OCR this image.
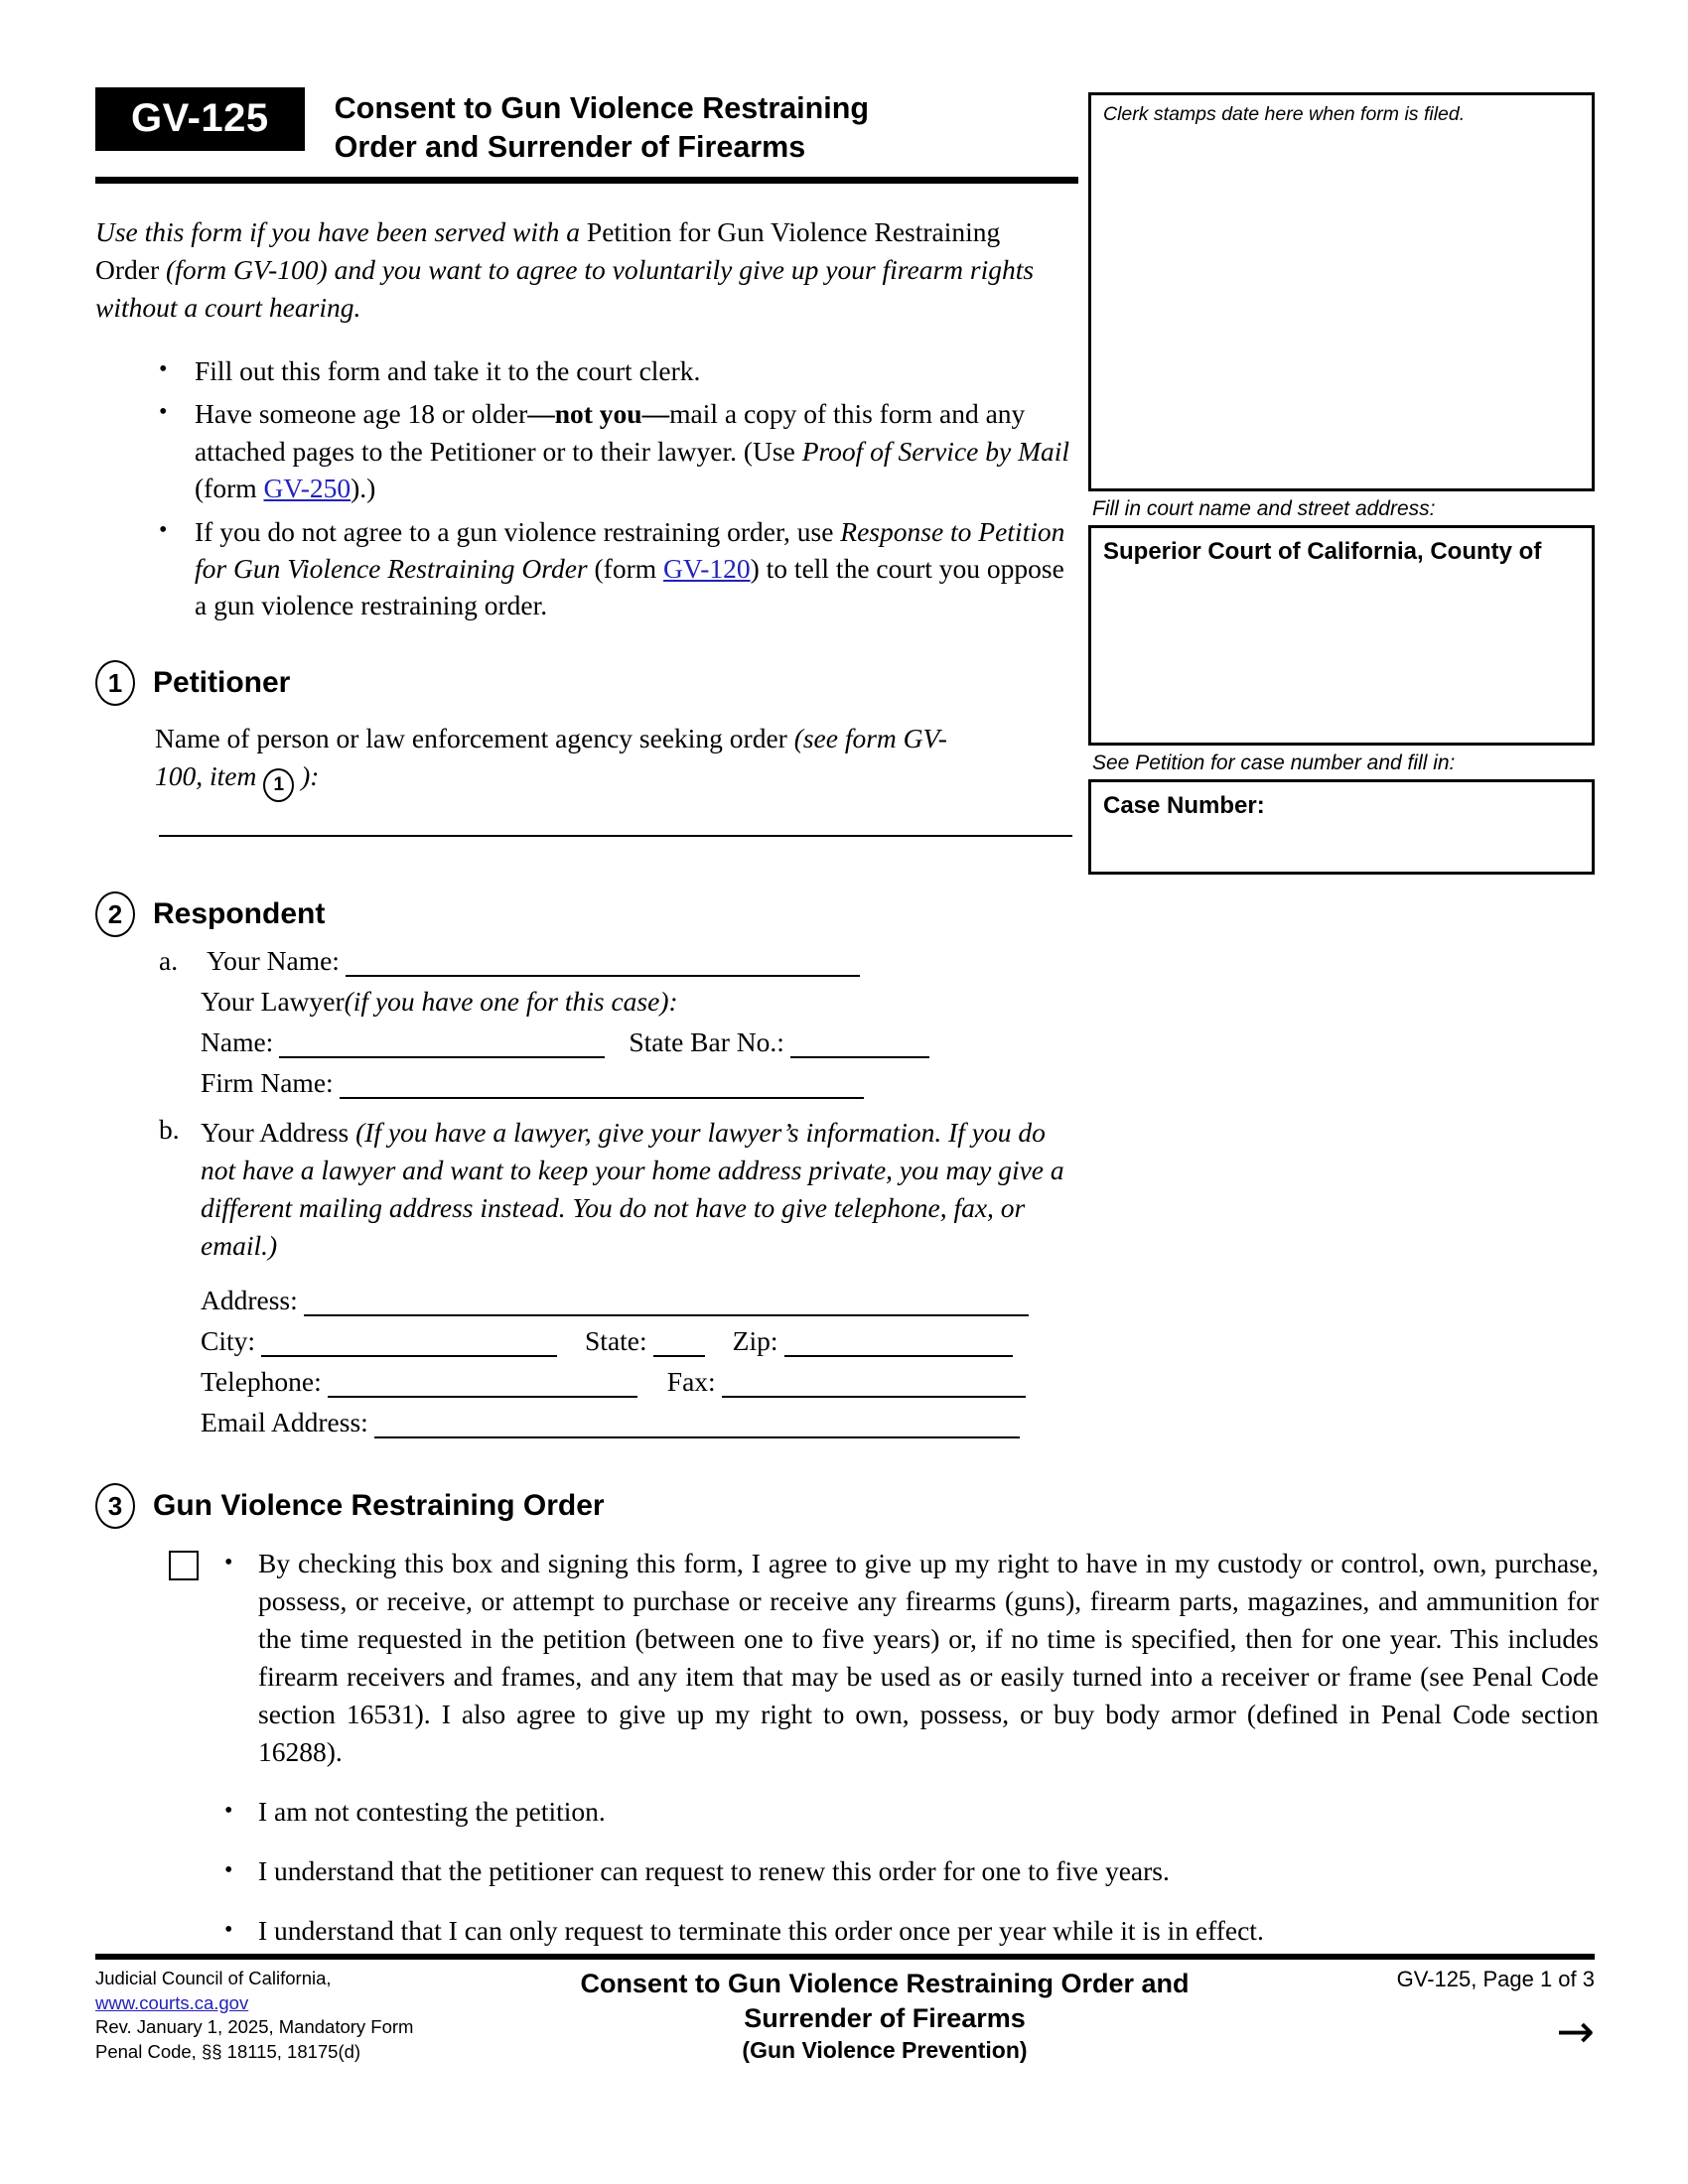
GV-125	Consent to Gun Violence Restraining
Order and Surrender of Firearms
Use this form if you have been served with a Petition for Gun Violence Restraining Order (form GV-100) and you want to agree to voluntarily give up your firearm rights without a court hearing.
•	Fill out this form and take it to the court clerk.
•	Have someone age 18 or older—not you—mail a copy of this form and any attached pages to the Petitioner or to their lawyer. (Use Proof of Service by Mail (form GV-250).)
•	If you do not agree to a gun violence restraining order, use Response to Petition for Gun Violence Restraining Order (form GV-120) to tell the court you oppose a gun violence restraining order.
Clerk stamps date here when form is filed.
Fill in court name and street address:
Superior Court of California, County of
See Petition for case number and fill in:
Case Number:
1	Petitioner
Name of person or law enforcement agency seeking order (see form GV-100, item 1 ):
2	Respondent
a.	Your Name:
Your Lawyer (if you have one for this case):
Name:	State Bar No.:
Firm Name:
b. Your Address (If you have a lawyer, give your lawyer’s information. If you do not have a lawyer and want to keep your home address private, you may give a different mailing address instead. You do not have to give telephone, fax, or email.)
Address:
City:	State:	Zip:
Telephone:	Fax:
Email Address:
3	Gun Violence Restraining Order
• By checking this box and signing this form, I agree to give up my right to have in my custody or control, own, purchase, possess, or receive, or attempt to purchase or receive any firearms (guns), firearm parts, magazines, and ammunition for the time requested in the petition (between one to five years) or, if no time is specified, then for one year. This includes firearm receivers and frames, and any item that may be used as or easily turned into a receiver or frame (see Penal Code section 16531). I also agree to give up my right to own, possess, or buy body armor (defined in Penal Code section 16288).
• I am not contesting the petition.
• I understand that the petitioner can request to renew this order for one to five years.
• I understand that I can only request to terminate this order once per year while it is in effect.
Judicial Council of California, www.courts.ca.gov
Rev. January 1, 2025, Mandatory Form
Penal Code, §§ 18115, 18175(d)
Consent to Gun Violence Restraining Order and
Surrender of Firearms
(Gun Violence Prevention)
GV-125, Page 1 of 3
→
